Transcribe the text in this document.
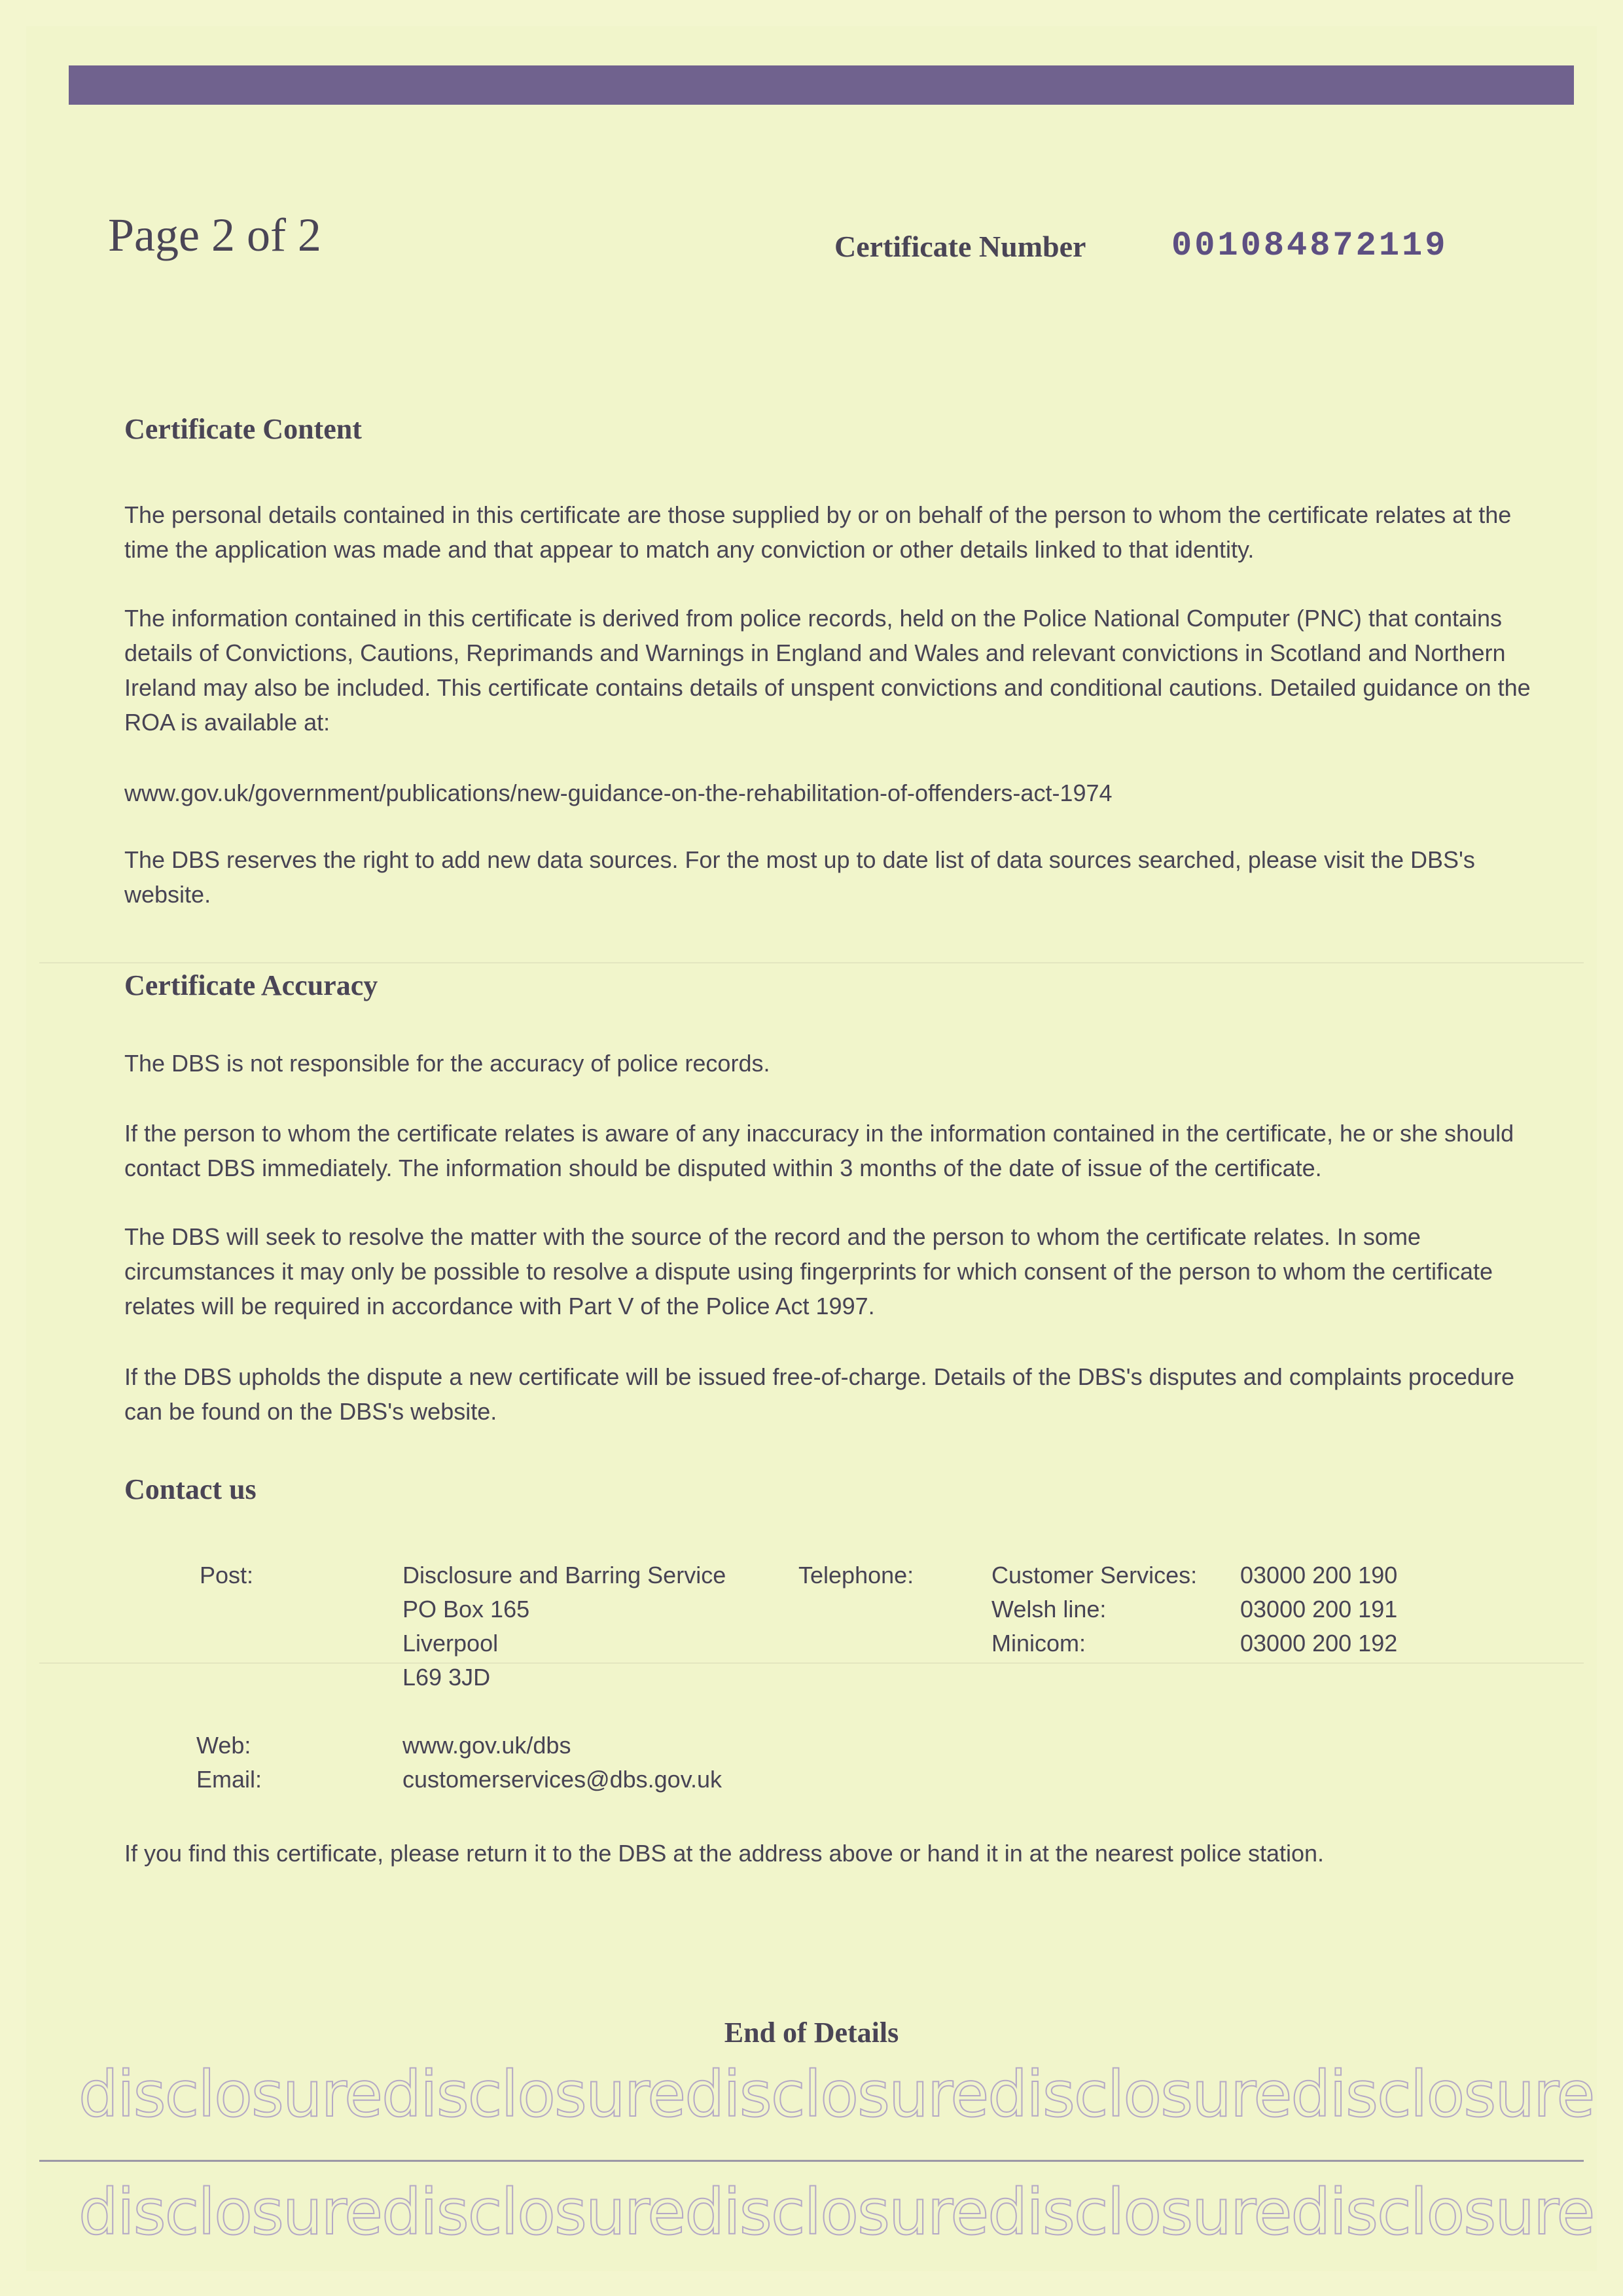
Page 2 of 2	Certificate Number	001084872119
Certificate Content

The personal details contained in this certificate are those supplied by or on behalf of the person to whom the certificate relates at the time the application was made and that appear to match any conviction or other details linked to that identity.

The information contained in this certificate is derived from police records, held on the Police National Computer (PNC) that contains details of Convictions, Cautions, Reprimands and Warnings in England and Wales and relevant convictions in Scotland and Northern Ireland may also be included. This certificate contains details of unspent convictions and conditional cautions. Detailed guidance on the ROA is available at:

www.gov.uk/government/publications/new-guidance-on-the-rehabilitation-of-offenders-act-1974

The DBS reserves the right to add new data sources. For the most up to date list of data sources searched, please visit the DBS's website.

Certificate Accuracy

The DBS is not responsible for the accuracy of police records.

If the person to whom the certificate relates is aware of any inaccuracy in the information contained in the certificate, he or she should contact DBS immediately. The information should be disputed within 3 months of the date of issue of the certificate.

The DBS will seek to resolve the matter with the source of the record and the person to whom the certificate relates. In some circumstances it may only be possible to resolve a dispute using fingerprints for which consent of the person to whom the certificate relates will be required in accordance with Part V of the Police Act 1997.

If the DBS upholds the dispute a new certificate will be issued free-of-charge. Details of the DBS's disputes and complaints procedure can be found on the DBS's website.

Contact us
Post:	Disclosure and Barring Service
PO Box 165
Liverpool
L69 3JD
Telephone:	Customer Services: 03000 200 190
Welsh line:	03000 200 191
Minicom:	03000 200 192
Web:	www.gov.uk/dbs
Email:	customerservices@dbs.gov.uk

If you find this certificate, please return it to the DBS at the address above or hand it in at the nearest police station.

End of Details
disclosure disclosure disclosure disclosure disclosure
disclosure disclosure disclosure disclosure disclosure
